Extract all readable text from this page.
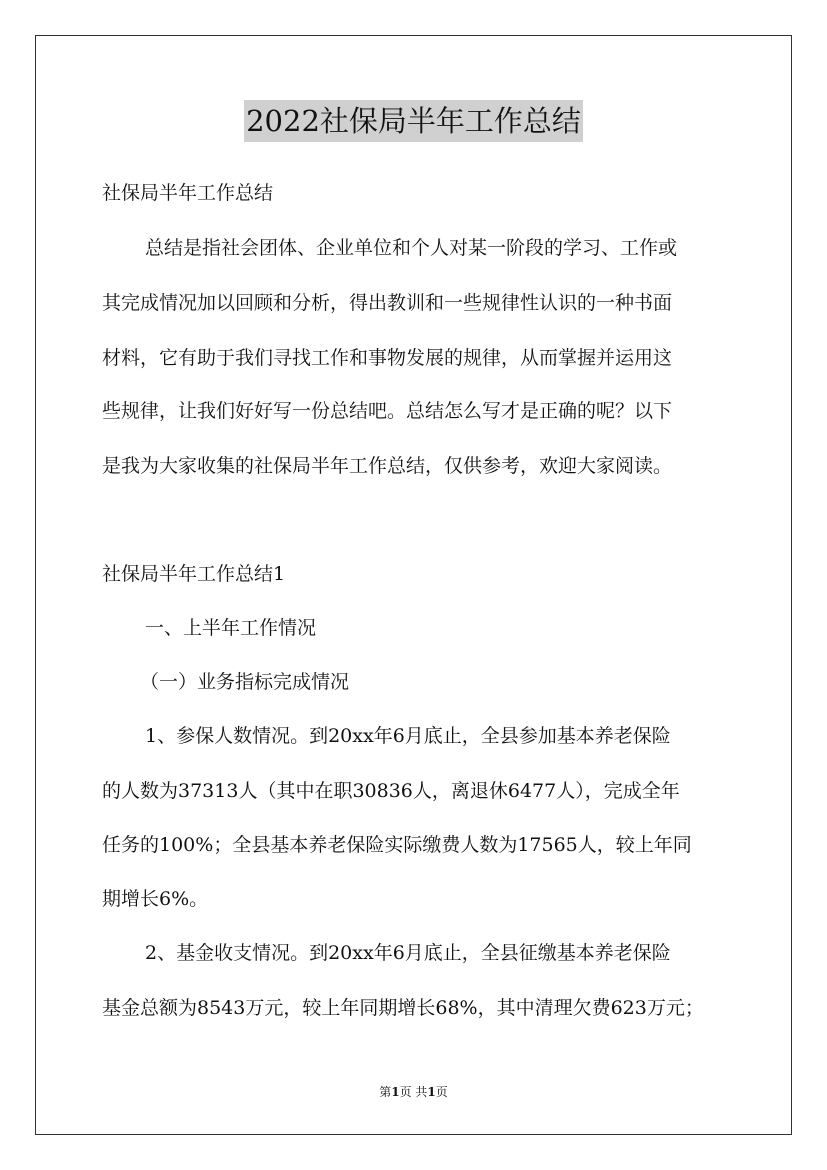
2022社保局半年工作总结
社保局半年工作总结
总结是指社会团体、企业单位和个人对某一阶段的学习、工作或
其完成情况加以回顾和分析，得出教训和一些规律性认识的一种书面
材料，它有助于我们寻找工作和事物发展的规律，从而掌握并运用这
些规律，让我们好好写一份总结吧。总结怎么写才是正确的呢？以下
是我为大家收集的社保局半年工作总结，仅供参考，欢迎大家阅读。
社保局半年工作总结1
一、上半年工作情况
（一）业务指标完成情况
1、参保人数情况。到20xx年6月底止，全县参加基本养老保险
的人数为37313人（其中在职30836人，离退休6477人），完成全年
任务的100%；全县基本养老保险实际缴费人数为17565人，较上年同
期增长6%。
2、基金收支情况。到20xx年6月底止，全县征缴基本养老保险
基金总额为8543万元，较上年同期增长68%，其中清理欠费623万元；
第1页 共1页
